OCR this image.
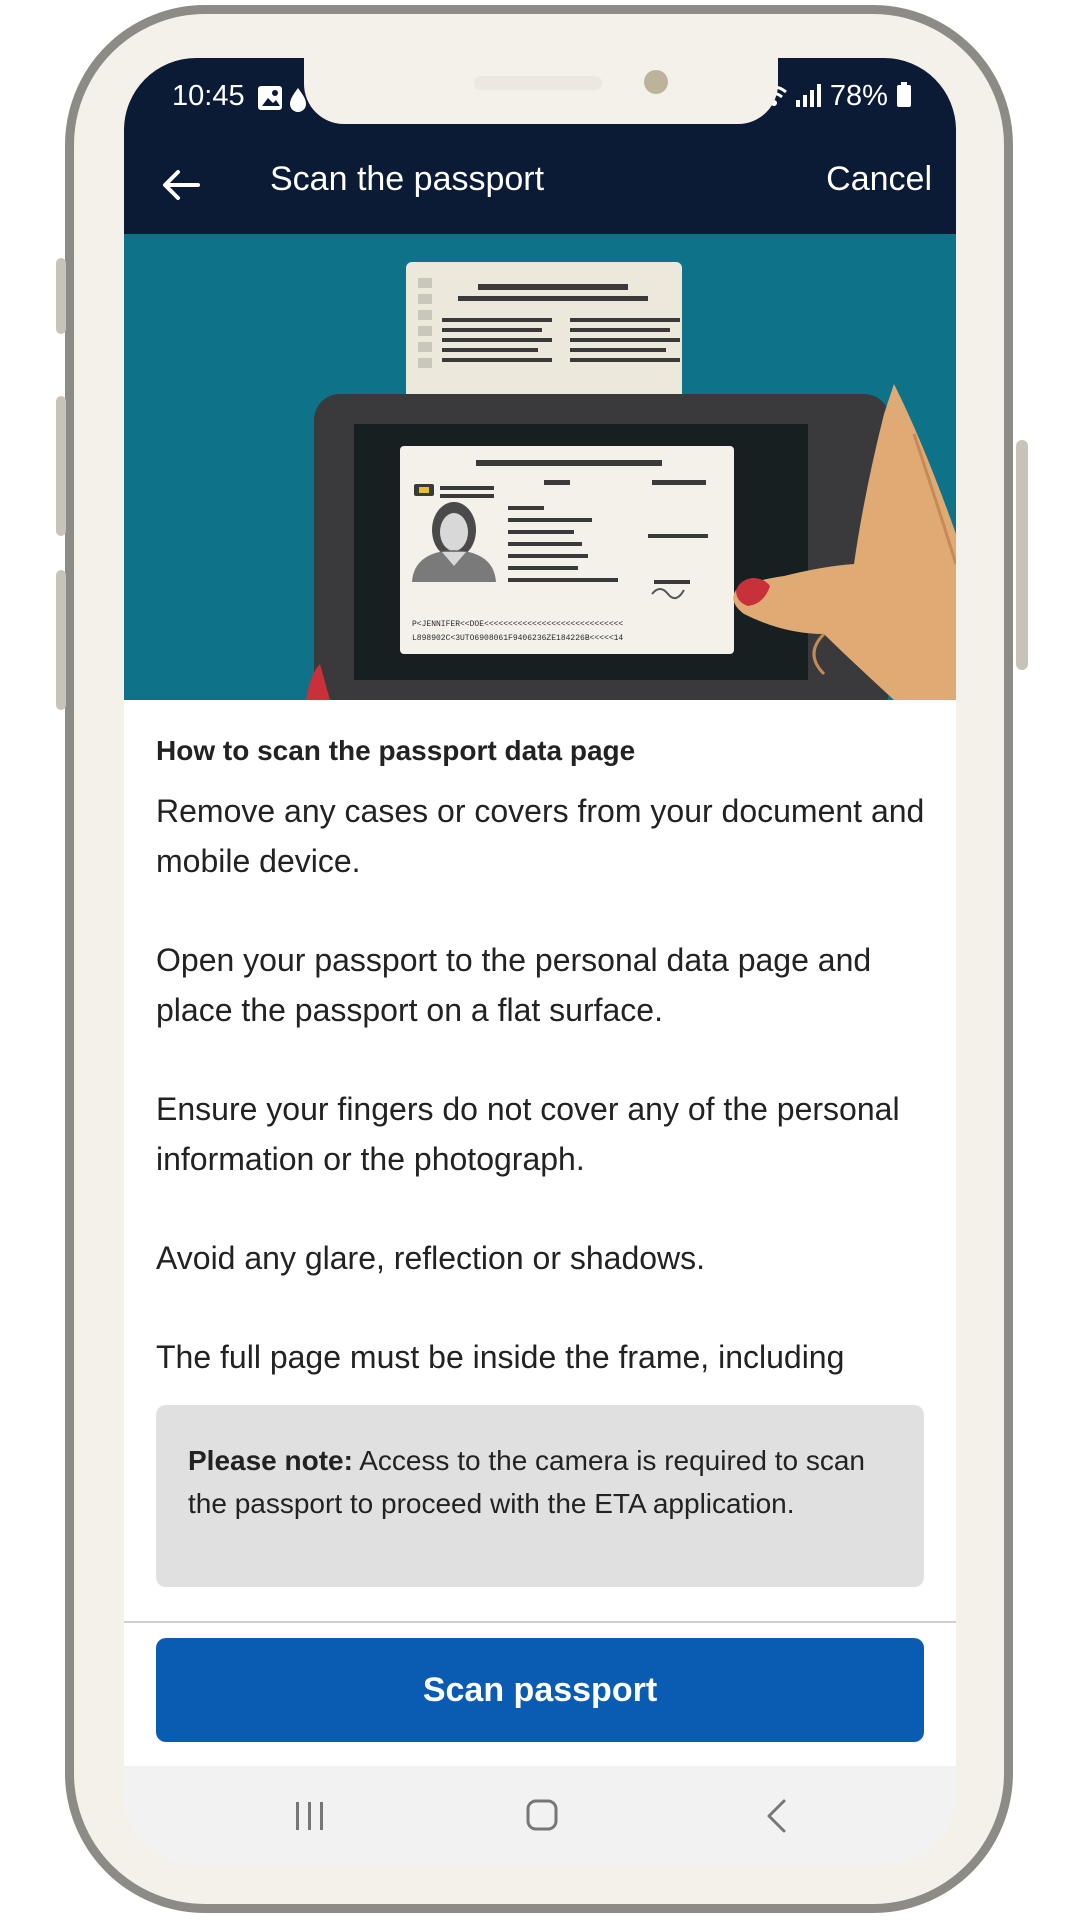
10:45	78%
Scan the passport	Cancel
P<JENNIFER<<DOE<<<<<<<<<<<<<<<<<<<<<<<<<<<<<
L898902C<3UTO6908061F9406236ZE184226B<<<<<14
How to scan the passport data page

Remove any cases or covers from your document and mobile device.

Open your passport to the personal data page and place the passport on a flat surface.

Ensure your fingers do not cover any of the personal information or the photograph.

Avoid any glare, reflection or shadows.

The full page must be inside the frame, including

Please note: Access to the camera is required to scan the passport to proceed with the ETA application.
Scan passport
